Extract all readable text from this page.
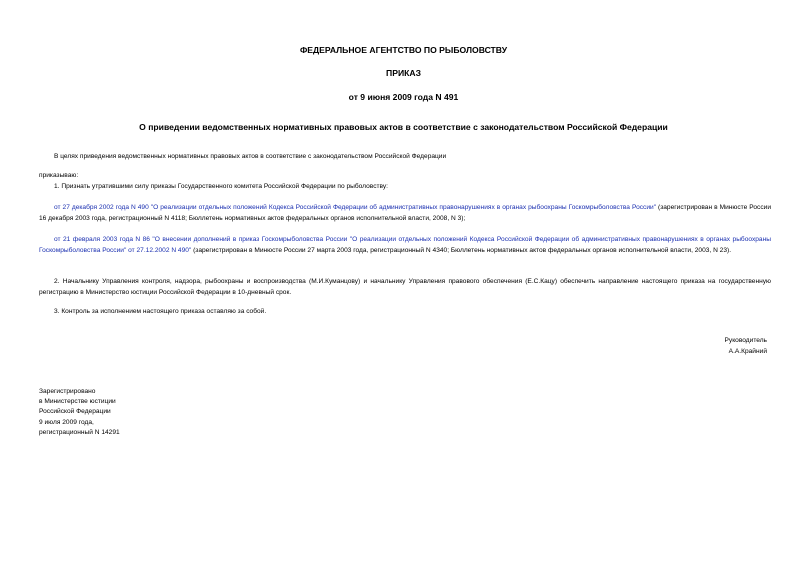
ФЕДЕРАЛЬНОЕ АГЕНТСТВО ПО РЫБОЛОВСТВУ
ПРИКАЗ
от 9 июня 2009 года N 491
О приведении ведомственных нормативных правовых актов в соответствие с законодательством Российской Федерации
В целях приведения ведомственных нормативных правовых актов в соответствие с законодательством Российской Федерации
приказываю:
1. Признать утратившими силу приказы Государственного комитета Российской Федерации по рыболовству:
от 27 декабря 2002 года N 490 "О реализации отдельных положений Кодекса Российской Федерации об административных правонарушениях в органах рыбоохраны Госкомрыболовства России" (зарегистрирован в Минюсте России 16 декабря 2003 года, регистрационный N 4118; Бюллетень нормативных актов федеральных органов исполнительной власти, 2008, N 3);
от 21 февраля 2003 года N 86 "О внесении дополнений в приказ Госкомрыболовства России "О реализации отдельных положений Кодекса Российской Федерации об административных правонарушениях в органах рыбоохраны Госкомрыболовства России" от 27.12.2002 N 490" (зарегистрирован в Минюсте России 27 марта 2003 года, регистрационный N 4340; Бюллетень нормативных актов федеральных органов исполнительной власти, 2003, N 23).
2. Начальнику Управления контроля, надзора, рыбоохраны и воспроизводства (М.И.Куманцову) и начальнику Управления правового обеспечения (Е.С.Кацу) обеспечить направление настоящего приказа на государственную регистрацию в Министерство юстиции Российской Федерации в 10-дневный срок.
3. Контроль за исполнением настоящего приказа оставляю за собой.
Руководитель
А.А.Крайний
Зарегистрировано
в Министерстве юстиции
Российской Федерации
9 июля 2009 года,
регистрационный N 14291
